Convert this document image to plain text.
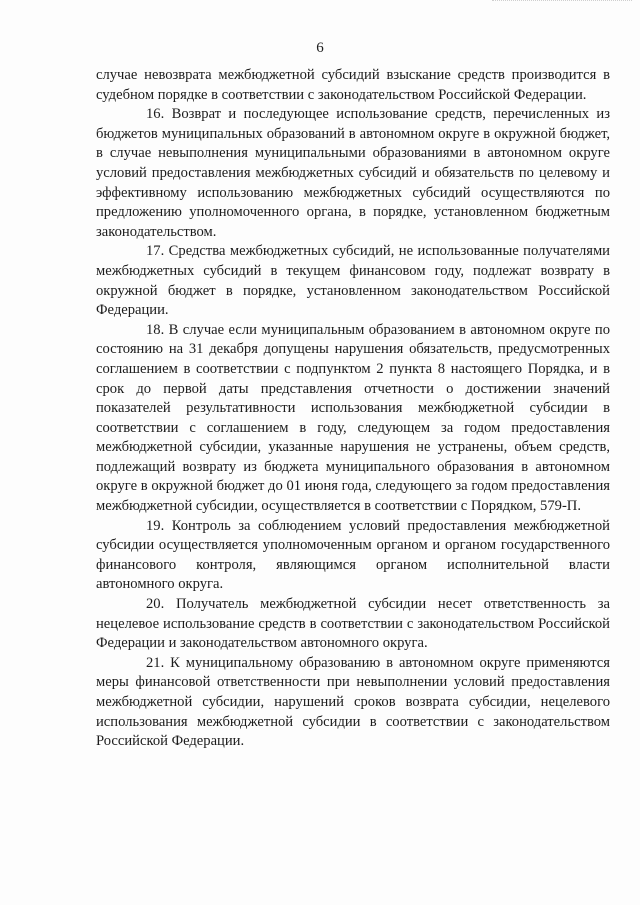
6

случае невозврата межбюджетной субсидий взыскание средств производится в судебном порядке в соответствии с законодательством Российской Федерации.

16. Возврат и последующее использование средств, перечисленных из бюджетов муниципальных образований в автономном округе в окружной бюджет, в случае невыполнения муниципальными образованиями в автономном округе условий предоставления межбюджетных субсидий и обязательств по целевому и эффективному использованию межбюджетных субсидий осуществляются по предложению уполномоченного органа, в порядке, установленном бюджетным законодательством.

17. Средства межбюджетных субсидий, не использованные получателями межбюджетных субсидий в текущем финансовом году, подлежат возврату в окружной бюджет в порядке, установленном законодательством Российской Федерации.

18. В случае если муниципальным образованием в автономном округе по состоянию на 31 декабря допущены нарушения обязательств, предусмотренных соглашением в соответствии с подпунктом 2 пункта 8 настоящего Порядка, и в срок до первой даты представления отчетности о достижении значений показателей результативности использования межбюджетной субсидии в соответствии с соглашением в году, следующем за годом предоставления межбюджетной субсидии, указанные нарушения не устранены, объем средств, подлежащий возврату из бюджета муниципального образования в автономном округе в окружной бюджет до 01 июня года, следующего за годом предоставления межбюджетной субсидии, осуществляется в соответствии с Порядком, 579-П.

19. Контроль за соблюдением условий предоставления межбюджетной субсидии осуществляется уполномоченным органом и органом государственного финансового контроля, являющимся органом исполнительной власти автономного округа.

20. Получатель межбюджетной субсидии несет ответственность за нецелевое использование средств в соответствии с законодательством Российской Федерации и законодательством автономного округа.

21. К муниципальному образованию в автономном округе применяются меры финансовой ответственности при невыполнении условий предоставления межбюджетной субсидии, нарушений сроков возврата субсидии, нецелевого использования межбюджетной субсидии в соответствии с законодательством Российской Федерации.
